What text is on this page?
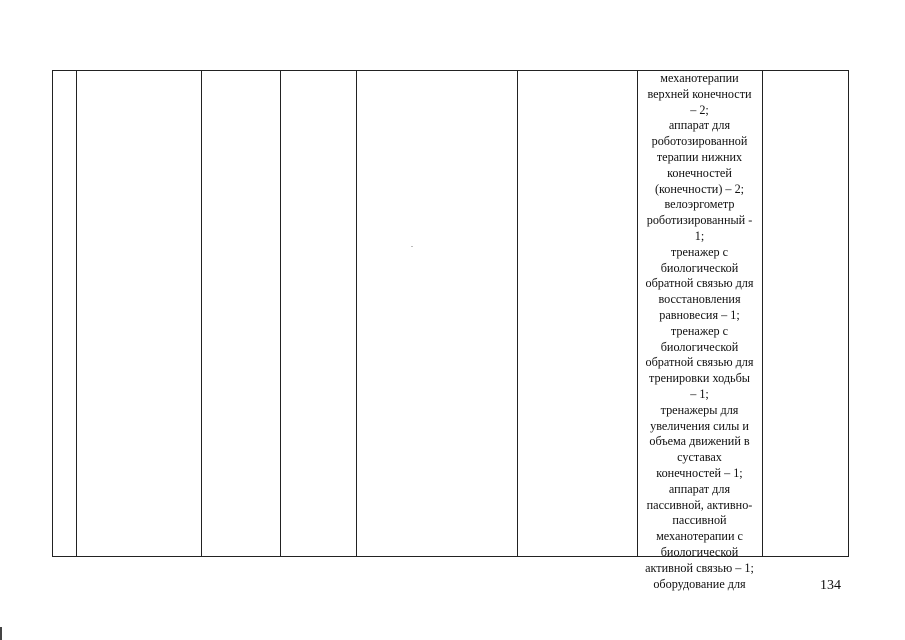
механотерапии
верхней конечности
– 2;
аппарат для
роботозированной
терапии нижних
конечностей
(конечности) – 2;
велоэргометр
роботизированный -
1;
тренажер с
биологической
обратной связью для
восстановления
равновесия – 1;
тренажер с
биологической
обратной связью для
тренировки ходьбы
– 1;
тренажеры для
увеличения силы и
объема движений в
суставах
конечностей – 1;
аппарат для
пассивной, активно-
пассивной
механотерапии с
биологической
активной связью – 1;
оборудование для	134
